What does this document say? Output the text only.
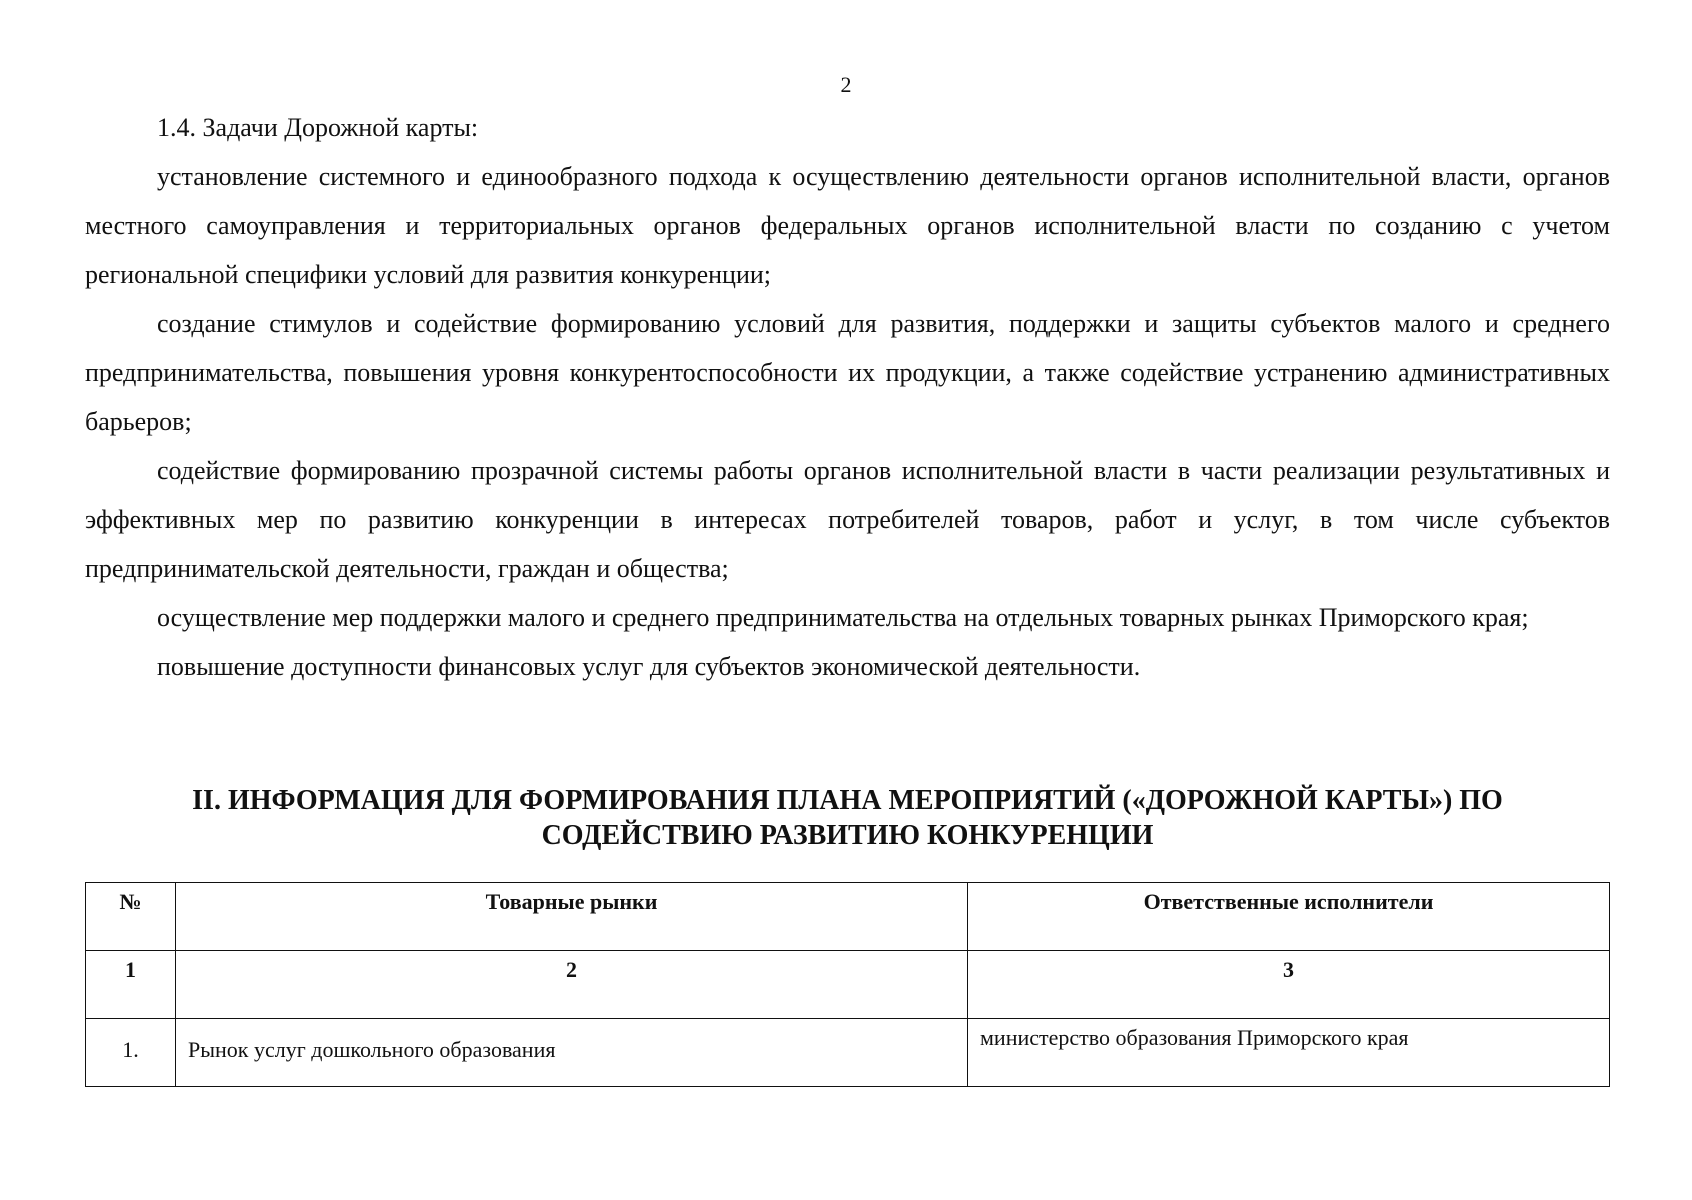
2

1.4. Задачи Дорожной карты:

установление системного и единообразного подхода к осуществлению деятельности органов исполнительной власти, органов местного самоуправления и территориальных органов федеральных органов исполнительной власти по созданию с учетом региональной специфики условий для развития конкуренции;

создание стимулов и содействие формированию условий для развития, поддержки и защиты субъектов малого и среднего предпринимательства, повышения уровня конкурентоспособности их продукции, а также содействие устранению административных барьеров;

содействие формированию прозрачной системы работы органов исполнительной власти в части реализации результативных и эффективных мер по развитию конкуренции в интересах потребителей товаров, работ и услуг, в том числе субъектов предпринимательской деятельности, граждан и общества;

осуществление мер поддержки малого и среднего предпринимательства на отдельных товарных рынках Приморского края;

повышение доступности финансовых услуг для субъектов экономической деятельности.

II. ИНФОРМАЦИЯ ДЛЯ ФОРМИРОВАНИЯ ПЛАНА МЕРОПРИЯТИЙ («ДОРОЖНОЙ КАРТЫ») ПО
СОДЕЙСТВИЮ РАЗВИТИЮ КОНКУРЕНЦИИ
№	Товарные рынки	Ответственные исполнители
1	2	3
1.	Рынок услуг дошкольного образования	министерство образования Приморского края
